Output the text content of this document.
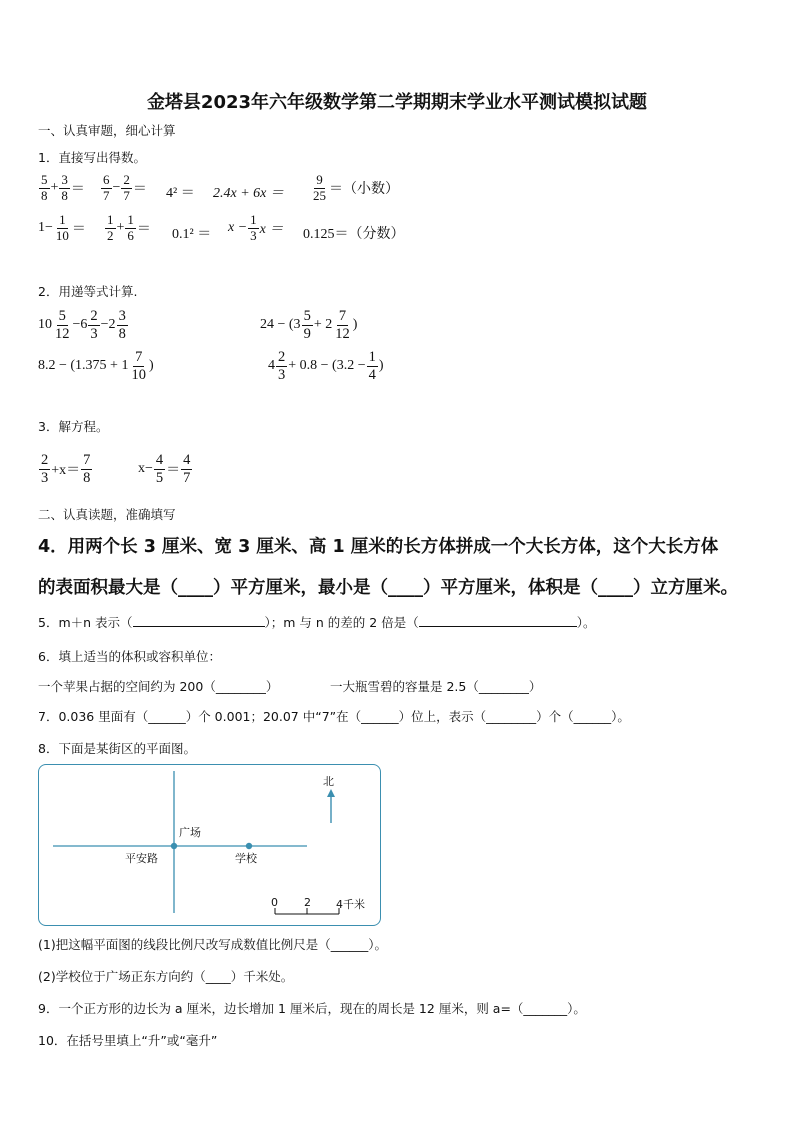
金塔县2023年六年级数学第二学期期末学业水平测试模拟试题
一、认真审题，细心计算
1．直接写出得数。
$\frac{5}{8} + \frac{3}{8} = \frac{6}{7} - \frac{2}{7} = 4^2 = 2.4x + 6x = \frac{9}{25}$ ＝（小数）
$1- \frac{1}{10} = \frac{1}{2} + \frac{1}{6} = 0.1^2 = x - \frac{1}{3}$ x ＝ 0.125＝（分数）
2．用递等式计算.
$10 \frac{5}{12} -6 \frac{2}{3} -2 \frac{3}{8}$	$24 - (3 \frac{5}{9} + 2 \frac{7}{12}$ )
$8.2 - (1.375 + 1 \frac{7}{10}$ )	$4 \frac{2}{3} + 0.8 - (3.2 - \frac{1}{4}$ )
3．解方程。
$\frac{2}{3} +x= \frac{7}{8}$	$x- \frac{4}{5} = \frac{4}{7}$
二、认真读题，准确填写
4．用两个长 3 厘米、宽 3 厘米、高 1 厘米的长方体拼成一个大长方体，这个大长方体
的表面积最大是（____）平方厘米，最小是（____）平方厘米，体积是（____）立方厘米。
5．m＋n 表示（	）；m 与 n 的差的 2 倍是（	）。
6．填上适当的体积或容积单位：
一个苹果占据的空间约为 200（________）	一大瓶雪碧的容量是 2.5（________）
7．0.036 里面有（______）个 0.001；20.07 中“7”在（______）位上，表示（________）个（______）。
8．下面是某街区的平面图。
北
广场
平安路	学校
0 2 4千米
(1)把这幅平面图的线段比例尺改写成数值比例尺是（______）。
(2)学校位于广场正东方向约（____）千米处。
9．一个正方形的边长为 a 厘米，边长增加 1 厘米后，现在的周长是 12 厘米，则 a=（_______）。
10．在括号里填上“升”或“毫升”
